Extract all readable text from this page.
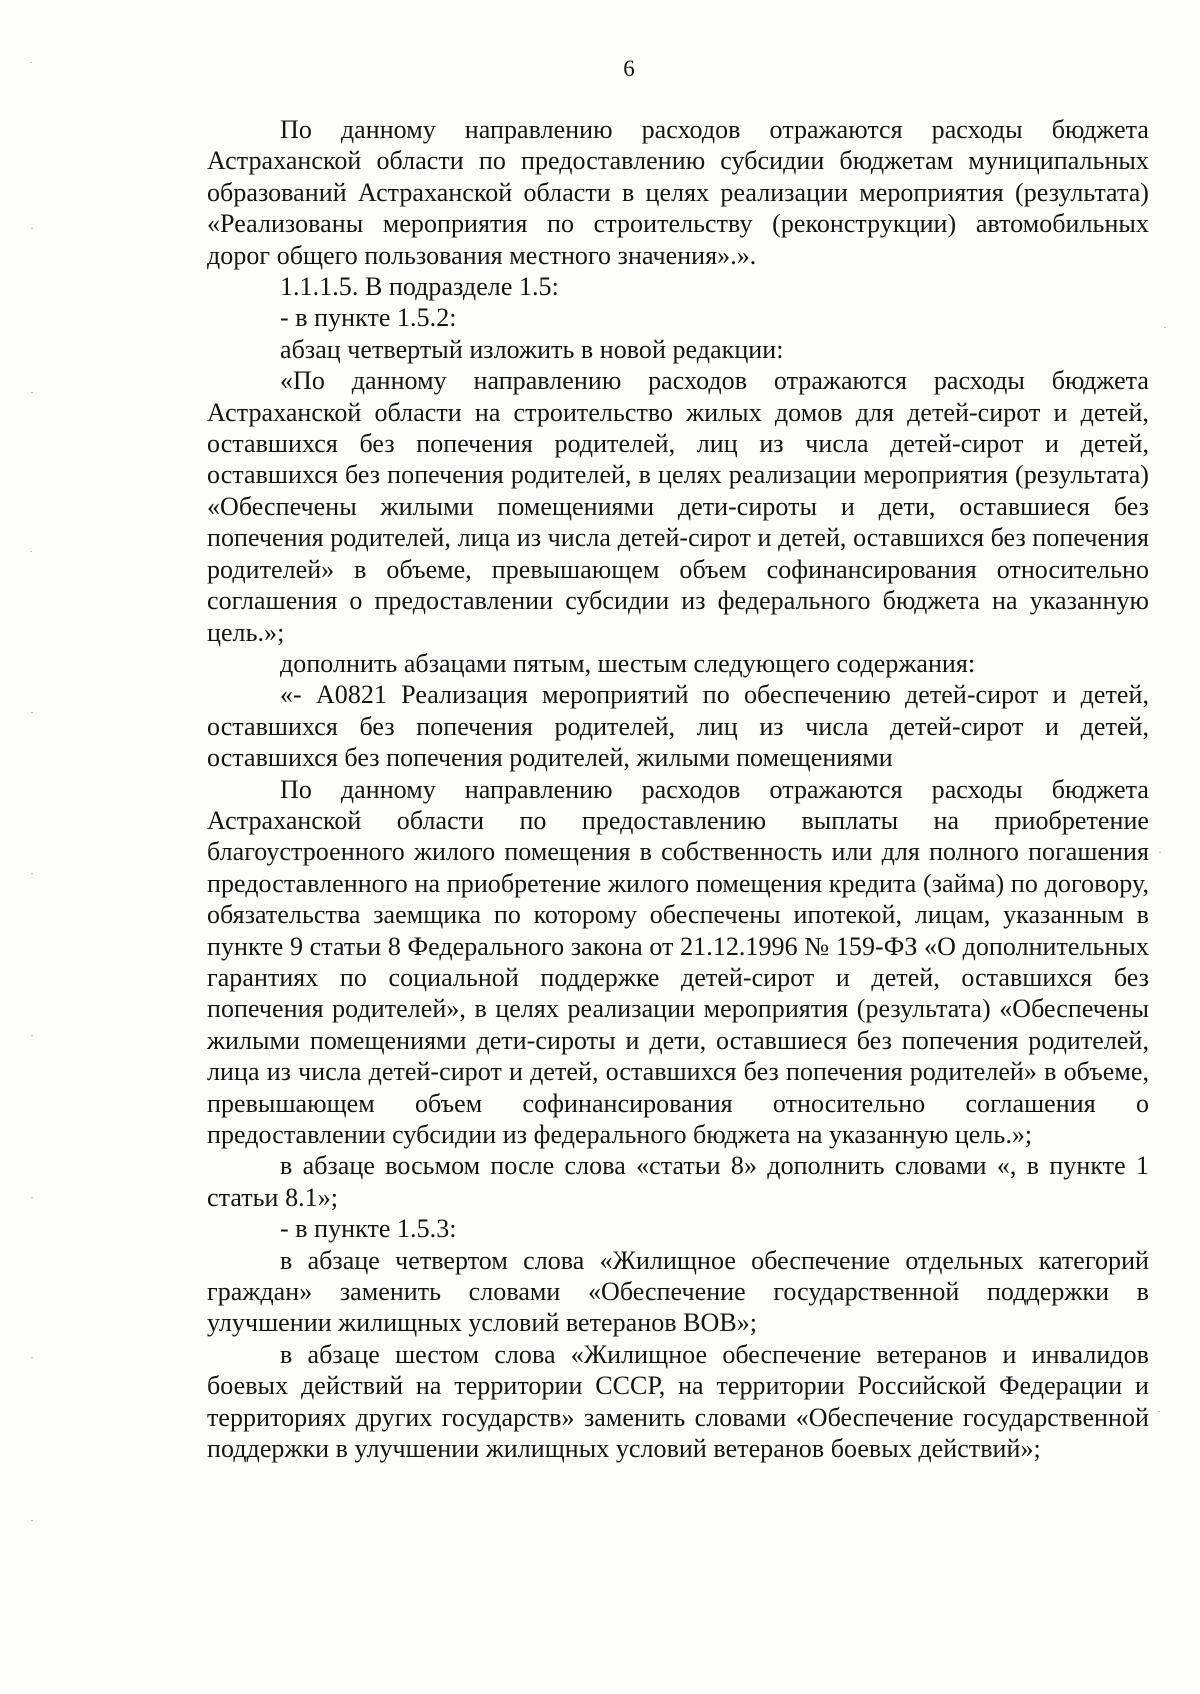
6

По данному направлению расходов отражаются расходы бюджета Астраханской области по предоставлению субсидии бюджетам муниципальных образований Астраханской области в целях реализации мероприятия (результата) «Реализованы мероприятия по строительству (реконструкции) автомобильных дорог общего пользования местного значения».».

1.1.1.5. В подразделе 1.5:

- в пункте 1.5.2:

абзац четвертый изложить в новой редакции:

«По данному направлению расходов отражаются расходы бюджета Астраханской области на строительство жилых домов для детей-сирот и детей, оставшихся без попечения родителей, лиц из числа детей-сирот и детей, оставшихся без попечения родителей, в целях реализации мероприятия (результата) «Обеспечены жилыми помещениями дети-сироты и дети, оставшиеся без попечения родителей, лица из числа детей-сирот и детей, оставшихся без попечения родителей» в объеме, превышающем объем софинансирования относительно соглашения о предоставлении субсидии из федерального бюджета на указанную цель.»;

дополнить абзацами пятым, шестым следующего содержания:

«- А0821 Реализация мероприятий по обеспечению детей-сирот и детей, оставшихся без попечения родителей, лиц из числа детей-сирот и детей, оставшихся без попечения родителей, жилыми помещениями

По данному направлению расходов отражаются расходы бюджета Астраханской области по предоставлению выплаты на приобретение благоустроенного жилого помещения в собственность или для полного погашения предоставленного на приобретение жилого помещения кредита (займа) по договору, обязательства заемщика по которому обеспечены ипотекой, лицам, указанным в пункте 9 статьи 8 Федерального закона от 21.12.1996 № 159-ФЗ «О дополнительных гарантиях по социальной поддержке детей-сирот и детей, оставшихся без попечения родителей», в целях реализации мероприятия (результата) «Обеспечены жилыми помещениями дети-сироты и дети, оставшиеся без попечения родителей, лица из числа детей-сирот и детей, оставшихся без попечения родителей» в объеме, превышающем объем софинансирования относительно соглашения о предоставлении субсидии из федерального бюджета на указанную цель.»;

в абзаце восьмом после слова «статьи 8» дополнить словами «, в пункте 1 статьи 8.1»;

- в пункте 1.5.3:

в абзаце четвертом слова «Жилищное обеспечение отдельных категорий граждан» заменить словами «Обеспечение государственной поддержки в улучшении жилищных условий ветеранов ВОВ»;

в абзаце шестом слова «Жилищное обеспечение ветеранов и инвалидов боевых действий на территории СССР, на территории Российской Федерации и территориях других государств» заменить словами «Обеспечение государственной поддержки в улучшении жилищных условий ветеранов боевых действий»;
